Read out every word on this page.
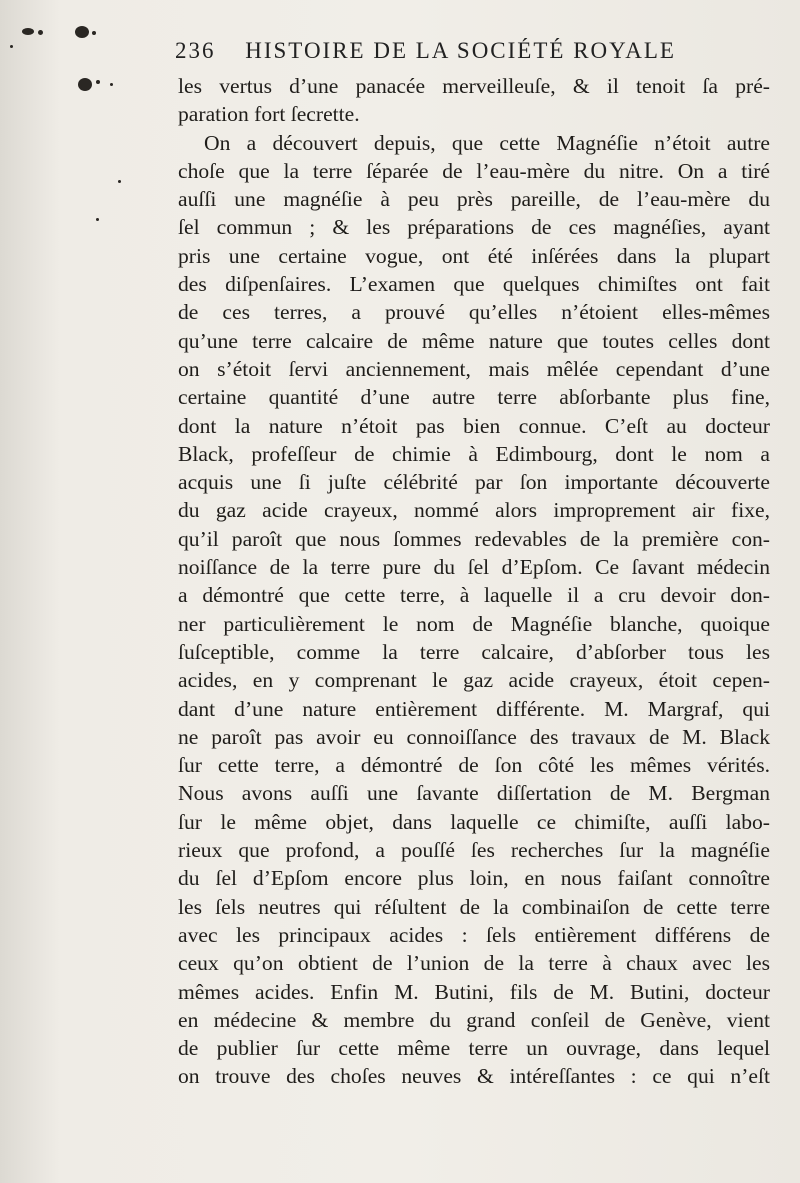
236 HISTOIRE DE LA SOCIÉTÉ ROYALE
les vertus d’une panacée merveilleuſe, & il tenoit ſa pré-
paration fort ſecrette.
On a découvert depuis, que cette Magnéſie n’étoit autre
choſe que la terre ſéparée de l’eau-mère du nitre. On a tiré
auſſi une magnéſie à peu près pareille, de l’eau-mère du
ſel commun ; & les préparations de ces magnéſies, ayant
pris une certaine vogue, ont été inſérées dans la plupart
des diſpenſaires. L’examen que quelques chimiſtes ont fait
de ces terres, a prouvé qu’elles n’étoient elles-mêmes
qu’une terre calcaire de même nature que toutes celles dont
on s’étoit ſervi anciennement, mais mêlée cependant d’une
certaine quantité d’une autre terre abſorbante plus fine,
dont la nature n’étoit pas bien connue. C’eſt au docteur
Black, profeſſeur de chimie à Edimbourg, dont le nom a
acquis une ſi juſte célébrité par ſon importante découverte
du gaz acide crayeux, nommé alors improprement air fixe,
qu’il paroît que nous ſommes redevables de la première con-
noiſſance de la terre pure du ſel d’Epſom. Ce ſavant médecin
a démontré que cette terre, à laquelle il a cru devoir don-
ner particulièrement le nom de Magnéſie blanche, quoique
ſuſceptible, comme la terre calcaire, d’abſorber tous les
acides, en y comprenant le gaz acide crayeux, étoit cepen-
dant d’une nature entièrement différente. M. Margraf, qui
ne paroît pas avoir eu connoiſſance des travaux de M. Black
ſur cette terre, a démontré de ſon côté les mêmes vérités.
Nous avons auſſi une ſavante diſſertation de M. Bergman
ſur le même objet, dans laquelle ce chimiſte, auſſi labo-
rieux que profond, a pouſſé ſes recherches ſur la magnéſie
du ſel d’Epſom encore plus loin, en nous faiſant connoître
les ſels neutres qui réſultent de la combinaiſon de cette terre
avec les principaux acides : ſels entièrement différens de
ceux qu’on obtient de l’union de la terre à chaux avec les
mêmes acides. Enfin M. Butini, fils de M. Butini, docteur
en médecine & membre du grand conſeil de Genève, vient
de publier ſur cette même terre un ouvrage, dans lequel
on trouve des choſes neuves & intéreſſantes : ce qui n’eſt
